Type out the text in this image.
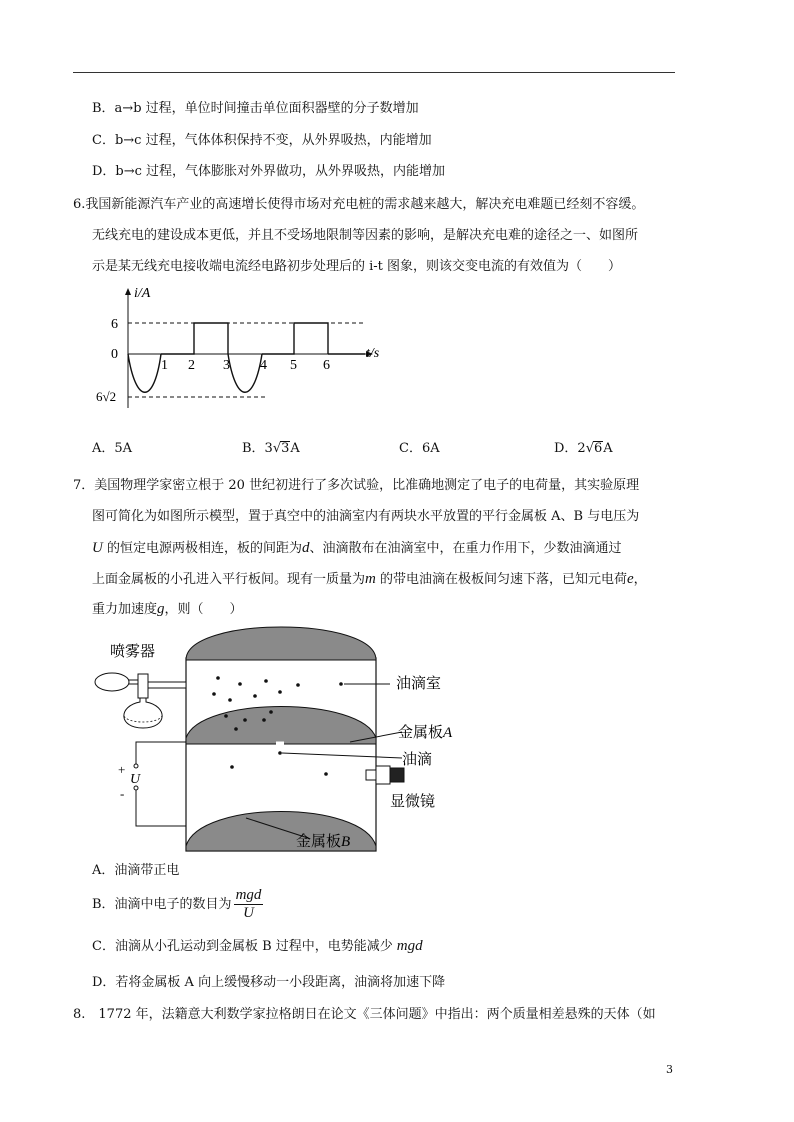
B．a→b 过程，单位时间撞击单位面积器壁的分子数增加
C．b→c 过程，气体体积保持不变，从外界吸热，内能增加
D．b→c 过程，气体膨胀对外界做功，从外界吸热，内能增加
6.我国新能源汽车产业的高速增长使得市场对充电桩的需求越来越大，解决充电难题已经刻不容缓。
无线充电的建设成本更低，并且不受场地限制等因素的影响，是解决充电难的途径之一、如图所
示是某无线充电接收端电流经电路初步处理后的 i-t 图象，则该交变电流的有效值为（　　）
i/A
t/s
0
6
6√2
1 2 3 4 5 6
A．5A	B．3√3A	C．6A	D．2√6A
7．美国物理学家密立根于 20 世纪初进行了多次试验，比准确地测定了电子的电荷量，其实验原理
图可简化为如图所示模型，置于真空中的油滴室内有两块水平放置的平行金属板 A、B 与电压为
U 的恒定电源两极相连，板的间距为d、油滴散布在油滴室中，在重力作用下，少数油滴通过
上面金属板的小孔进入平行板间。现有一质量为m 的带电油滴在极板间匀速下落，已知元电荷e，
重力加速度g，则（　　）
+
U
-
喷雾器
油滴室
金属板A
油滴
显微镜
金属板B
A．油滴带正电
B．油滴中电子的数目为 $\frac{\text{mgd}}{U}$
C．油滴从小孔运动到金属板 B 过程中，电势能减少 mgd
D．若将金属板 A 向上缓慢移动一小段距离，油滴将加速下降
8.　1772 年，法籍意大利数学家拉格朗日在论文《三体问题》中指出：两个质量相差悬殊的天体（如
3
